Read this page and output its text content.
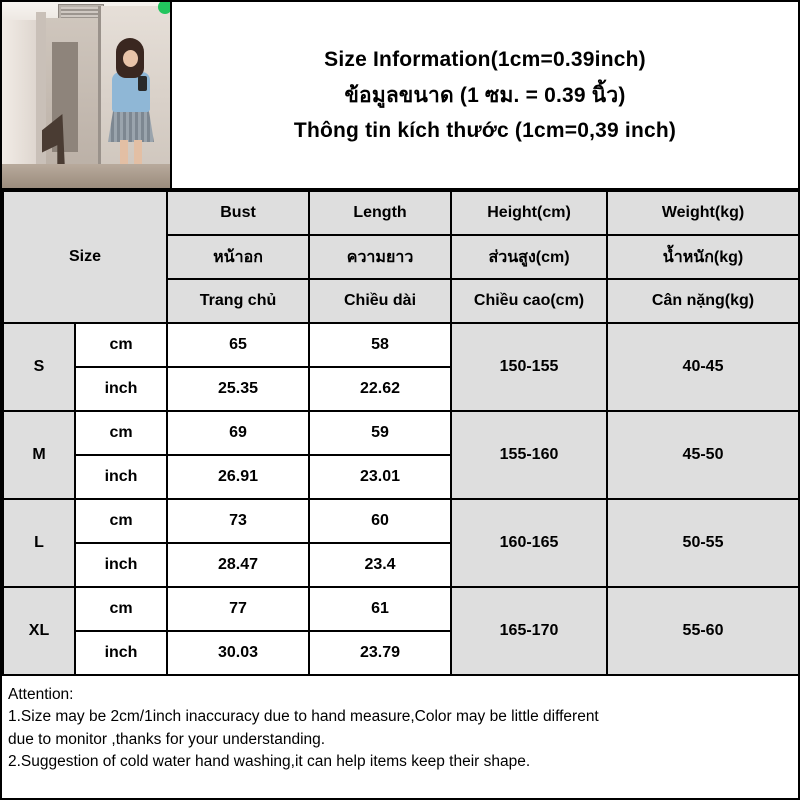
Size Information(1cm=0.39inch)
ข้อมูลขนาด (1 ซม. = 0.39 นิ้ว)
Thông tin kích thước (1cm=0,39 inch)
Size		Bust	Length	Height(cm)	Weight(kg)
		หน้าอก	ความยาว	ส่วนสูง(cm)	น้ำหนัก(kg)
		Trang chủ	Chiều dài	Chiều cao(cm)	Cân nặng(kg)
S	cm	65	58	150-155	40-45
	inch	25.35	22.62		
M	cm	69	59	155-160	45-50
	inch	26.91	23.01		
L	cm	73	60	160-165	50-55
	inch	28.47	23.4		
XL	cm	77	61	165-170	55-60
	inch	30.03	23.79		
Attention:
1.Size may be 2cm/1inch inaccuracy due to hand measure,Color may be little different
due to monitor ,thanks for your understanding.
2.Suggestion of cold water hand washing,it can help items keep their shape.
